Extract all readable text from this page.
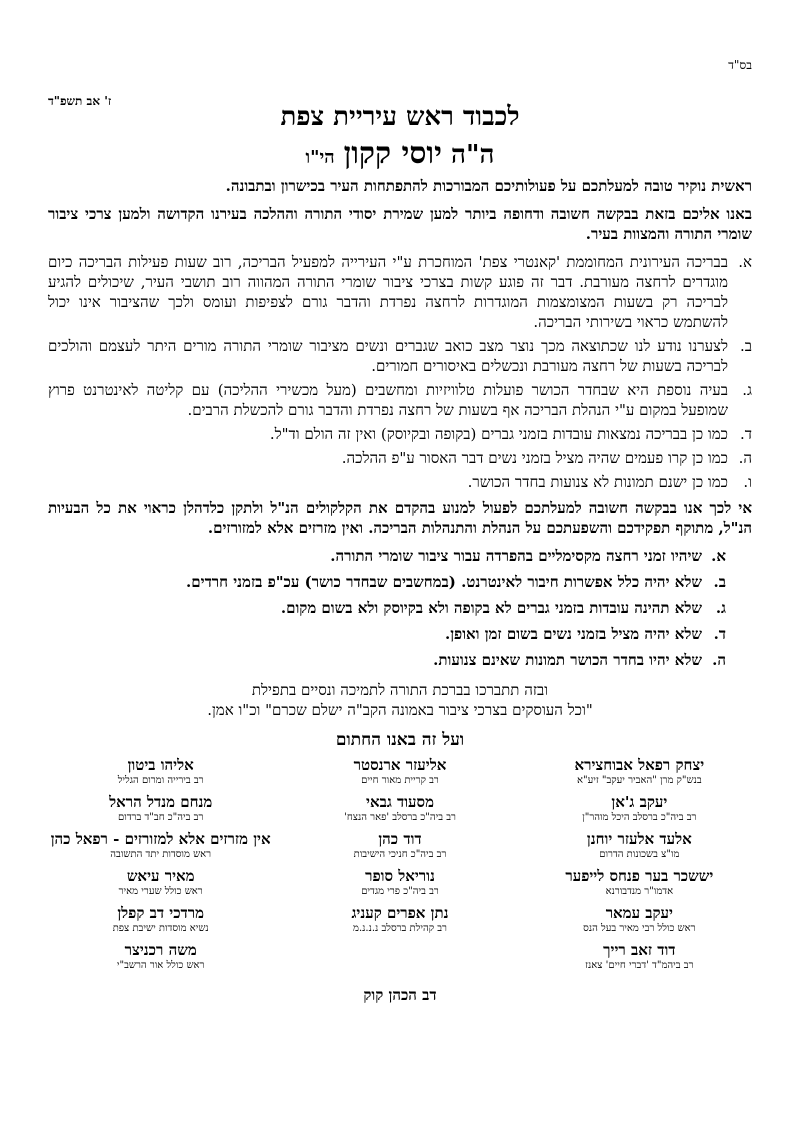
בס"ד
ז' אב תשפ"ד
לכבוד ראש עיריית צפת
ה"ה יוסי קקון הי"ו

ראשית נוקיר טובה למעלתכם על פעולותיכם המבורכות להתפתחות העיר בכישרון ובתבונה.

באנו אליכם בזאת בבקשה חשובה ודחופה ביותר למען שמירת יסודי התורה וההלכה בעירנו הקדושה ולמען צרכי ציבור שומרי התורה והמצוות בעיר.

א.
בבריכה העירונית המחוממת 'קאנטרי צפת' המוחכרת ע"י העירייה למפעיל הבריכה, רוב שעות פעילות הבריכה כיום מוגדרים לרחצה מעורבת. דבר זה פוגע קשות בצרכי ציבור שומרי התורה המהווה רוב תושבי העיר, שיכולים להגיע לבריכה רק בשעות המצומצמות המוגדרות לרחצה נפרדת והדבר גורם לצפיפות ועומס ולכך שהציבור אינו יכול להשתמש כראוי בשירותי הבריכה.
ב.
לצערנו נודע לנו שכתוצאה מכך נוצר מצב כואב שגברים ונשים מציבור שומרי התורה מורים היתר לעצמם והולכים לבריכה בשעות של רחצה מעורבת ונכשלים באיסורים חמורים.
ג.
בעיה נוספת היא שבחדר הכושר פועלות טלוויזיות ומחשבים (מעל מכשירי ההליכה) עם קליטה לאינטרנט פרוץ שמופעל במקום ע"י הנהלת הבריכה אף בשעות של רחצה נפרדת והדבר גורם להכשלת הרבים.
ד.
כמו כן בבריכה נמצאות עובדות בזמני גברים (בקופה ובקיוסק) ואין זה הולם וד"ל.
ה.
כמו כן קרו פעמים שהיה מציל בזמני נשים דבר האסור ע"פ ההלכה.
ו.
כמו כן ישנם תמונות לא צנועות בחדר הכושר.

אי לכך אנו בבקשה חשובה למעלתכם לפעול למנוע בהקדם את הקלקולים הנ"ל ולתקן כלדהלן כראוי את כל הבעיות הנ"ל, מתוקף תפקידכם והשפעתכם על הנהלת והתנהלות הבריכה. ואין מזרזים אלא למזורזים.

א.
שיהיו זמני רחצה מקסימליים בהפרדה עבור ציבור שומרי התורה.
ב.
שלא יהיה כלל אפשרות חיבור לאינטרנט. (במחשבים שבחדר כושר) עכ"פ בזמני חרדים.
ג.
שלא תהינה עובדות בזמני גברים לא בקופה ולא בקיוסק ולא בשום מקום.
ד.
שלא יהיה מציל בזמני נשים בשום זמן ואופן.
ה.
שלא יהיו בחדר הכושר תמונות שאינם צנועות.

ובזה תתברכו בברכת התורה לתמיכה ונסיים בתפילת
"וכל העוסקים בצרכי ציבור באמונה הקב"ה ישלם שכרם" וכ"ו אמן.

ועל זה באנו החתום
יצחק רפאל אבוחצירא
בנש"ק מרן "האביר יעקב" זיע"א
אליעזר ארנסטר
רב קריית מאור חיים
אליהו ביטון
רב בירייה ומרום הגליל
יעקב ג'אן
רב ביה"כ ברסלב היכל מוהר"ן
מסעוד גבאי
רב ביה"כ ברסלב 'פאר הנצח'
מנחם מנדל הראל
רב ביה"כ חב"ד ברדום
אלעד אלעזר יוחנן
מו"צ בשכונות הדרום
דוד כהן
רב ביה"כ חניכי הישיבות
אין מזרזים אלא למזורזים - רפאל כהן
ראש מוסדות יתד התשובה
יששכר בער פנחס לייפער
אדמו"ר מנדבורנא
נוריאל סופר
רב ביה"כ פרי מגדים
מאיר עיאש
ראש כולל שערי מאיר
יעקב עמאר
ראש כולל רבי מאיר בעל הנס
נתן אפרים קעניג
רב קהילת ברסלב נ.נ.נ.מ
מרדכי דב קפלן
נשיא מוסדות ישיבת צפת
דוד זאב רייך
רב ביהמ"ד 'דברי חיים' צאנז
משה רכניצר
ראש כולל אור הרשב"י
דב הכהן קוק
